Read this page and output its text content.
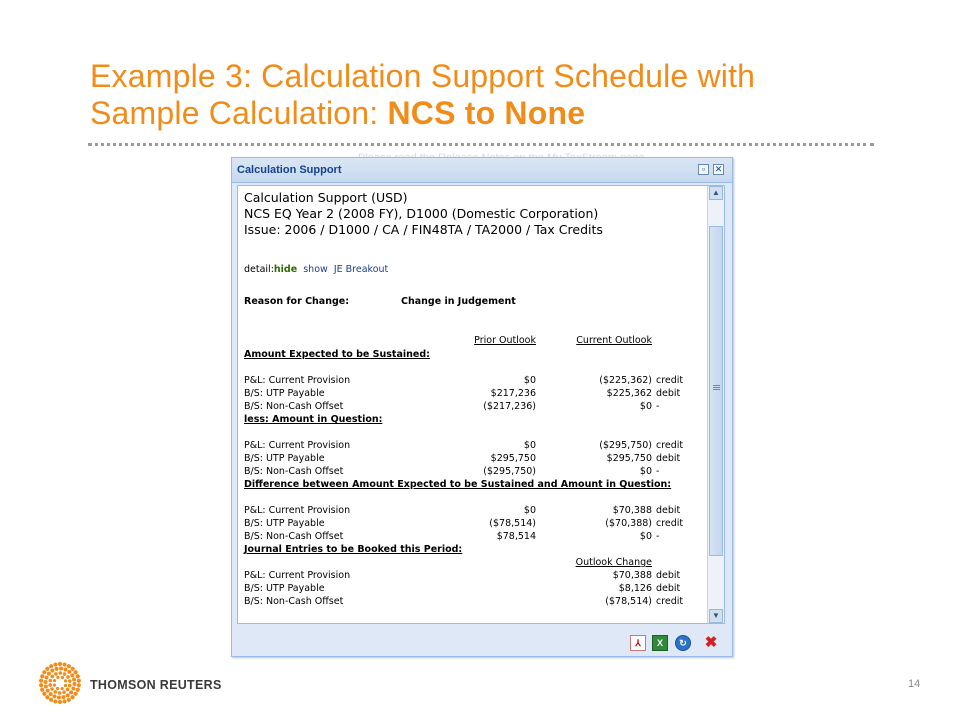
Example 3: Calculation Support Schedule with
Sample Calculation: NCS to None
Calculation Support	▫	✕
▲
▼
Calculation Support (USD)
NCS EQ Year 2 (2008 FY), D1000 (Domestic Corporation)
Issue: 2006 / D1000 / CA / FIN48TA / TA2000 / Tax Credits
detail:hide show JE Breakout
Reason for Change:	Change in Judgement
Prior Outlook	Current Outlook
Amount Expected to be Sustained:
P&L: Current Provision	$0	($225,362) credit
B/S: UTP Payable	$217,236	$225,362 debit
B/S: Non-Cash Offset	($217,236)	$0 -
less: Amount in Question:
P&L: Current Provision	$0	($295,750) credit
B/S: UTP Payable	$295,750	$295,750 debit
B/S: Non-Cash Offset	($295,750)	$0 -
Difference between Amount Expected to be Sustained and Amount in Question:
P&L: Current Provision	$0	$70,388 debit
B/S: UTP Payable	($78,514)	($70,388) credit
B/S: Non-Cash Offset	$78,514	$0 -
Journal Entries to be Booked this Period:
Outlook Change
P&L: Current Provision	$70,388 debit
B/S: UTP Payable	$8,126 debit
B/S: Non-Cash Offset	($78,514) credit
⅄	X	↻ ✖
THOMSON REUTERS	14
